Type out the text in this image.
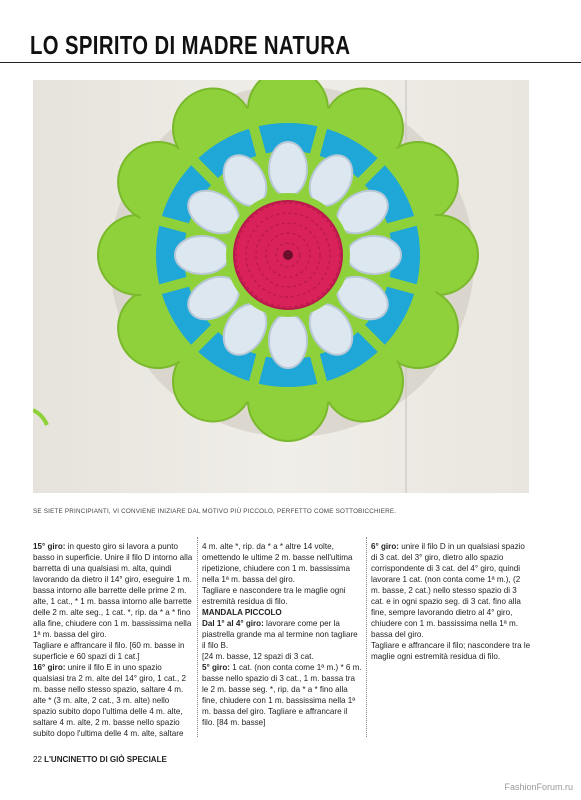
LO SPIRITO DI MADRE NATURA

SE SIETE PRINCIPIANTI, VI CONVIENE INIZIARE DAL MOTIVO PIÙ PICCOLO, PERFETTO COME SOTTOBICCHIERE.

15° giro: in questo giro si lavora a punto basso in superficie. Unire il filo D intorno alla barretta di una qualsiasi m. alta, quindi lavorando da dietro il 14° giro, eseguire 1 m. bassa intorno alle barrette delle prime 2 m. alte, 1 cat., * 1 m. bassa intorno alle barrette delle 2 m. alte seg., 1 cat. *, rip. da * a * fino alla fine, chiudere con 1 m. bassissima nella 1ª m. bassa del giro.

Tagliare e affrancare il filo. [60 m. basse in superficie e 60 spazi di 1 cat.]

16° giro: unire il filo E in uno spazio qualsiasi tra 2 m. alte del 14° giro, 1 cat., 2 m. basse nello stesso spazio, saltare 4 m. alte * (3 m. alte, 2 cat., 3 m. alte) nello spazio subito dopo l'ultima delle 4 m. alte, saltare 4 m. alte, 2 m. basse nello spazio subito dopo l'ultima delle 4 m. alte, saltare

4 m. alte *, rip. da * a * altre 14 volte, omettendo le ultime 2 m. basse nell'ultima ripetizione, chiudere con 1 m. bassissima nella 1ª m. bassa del giro.

Tagliare e nascondere tra le maglie ogni estremità residua di filo.

MANDALA PICCOLO

Dal 1° al 4° giro: lavorare come per la piastrella grande ma al termine non tagliare il filo B.

[24 m. basse, 12 spazi di 3 cat.

5° giro: 1 cat. (non conta come 1ª m.) * 6 m. basse nello spazio di 3 cat., 1 m. bassa tra le 2 m. basse seg. *, rip. da * a * fino alla fine, chiudere con 1 m. bassissima nella 1ª m. bassa del giro. Tagliare e affrancare il filo. [84 m. basse]

6° giro: unire il filo D in un qualsiasi spazio di 3 cat. del 3° giro, dietro allo spazio corrispondente di 3 cat. del 4° giro, quindi lavorare 1 cat. (non conta come 1ª m.), (2 m. basse, 2 cat.) nello stesso spazio di 3 cat. e in ogni spazio seg. di 3 cat. fino alla fine, sempre lavorando dietro al 4° giro, chiudere con 1 m. bassissima nella 1ª m. bassa del giro.

Tagliare e affrancare il filo; nascondere tra le maglie ogni estremità residua di filo.

22 L'UNCINETTO DI GIÒ SPECIALE
FashionForum.ru
